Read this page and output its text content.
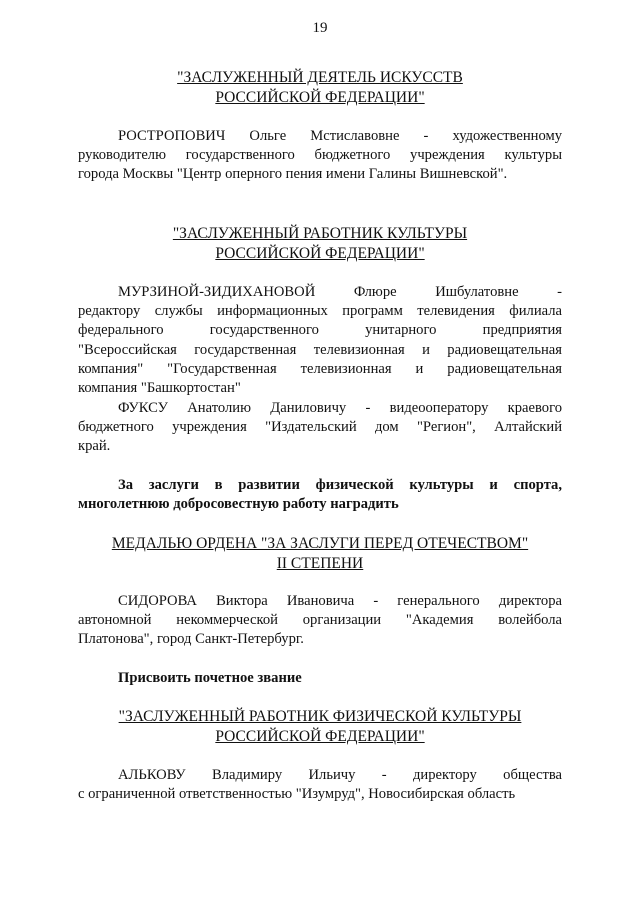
19
"ЗАСЛУЖЕННЫЙ ДЕЯТЕЛЬ ИСКУССТВ
РОССИЙСКОЙ ФЕДЕРАЦИИ"
РОСТРОПОВИЧ Ольге Мстиславовне - художественному
руководителю государственного бюджетного учреждения культуры
города Москвы "Центр оперного пения имени Галины Вишневской".
"ЗАСЛУЖЕННЫЙ РАБОТНИК КУЛЬТУРЫ
РОССИЙСКОЙ ФЕДЕРАЦИИ"
МУРЗИНОЙ-ЗИДИХАНОВОЙ Флюре Ишбулатовне -
редактору службы информационных программ телевидения филиала
федерального государственного унитарного предприятия
"Всероссийская государственная телевизионная и радиовещательная
компания" "Государственная телевизионная и радиовещательная
компания "Башкортостан"
ФУКСУ Анатолию Даниловичу - видеооператору краевого
бюджетного учреждения "Издательский дом "Регион", Алтайский
край.
За заслуги в развитии физической культуры и спорта,
многолетнюю добросовестную работу наградить
МЕДАЛЬЮ ОРДЕНА "ЗА ЗАСЛУГИ ПЕРЕД ОТЕЧЕСТВОМ"
II СТЕПЕНИ
СИДОРОВА Виктора Ивановича - генерального директора
автономной некоммерческой организации "Академия волейбола
Платонова", город Санкт-Петербург.
Присвоить почетное звание
"ЗАСЛУЖЕННЫЙ РАБОТНИК ФИЗИЧЕСКОЙ КУЛЬТУРЫ
РОССИЙСКОЙ ФЕДЕРАЦИИ"
АЛЬКОВУ Владимиру Ильичу - директору общества
с ограниченной ответственностью "Изумруд", Новосибирская область
